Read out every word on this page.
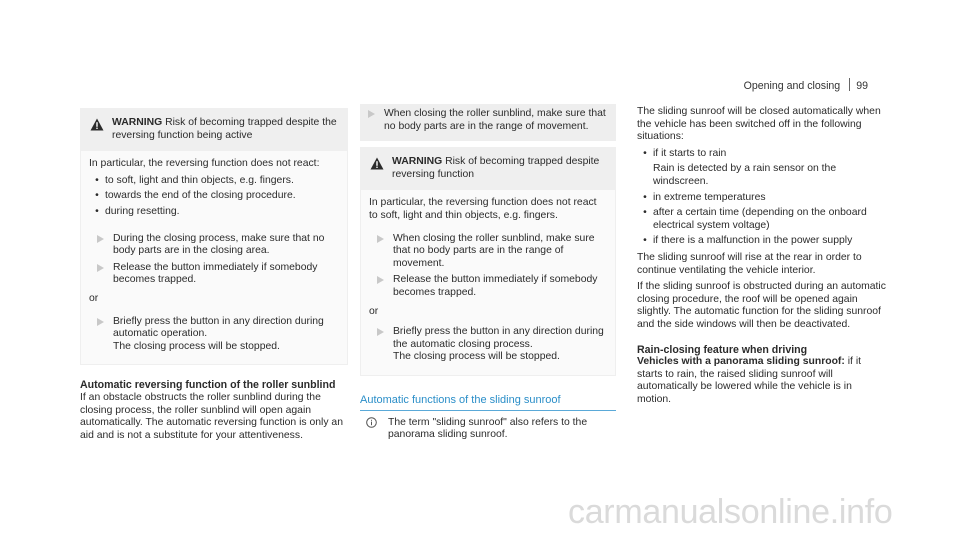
Opening and closing 99
WARNING Risk of becoming trapped despite the reversing function being active

In particular, the reversing function does not react:

•
to soft, light and thin objects, e.g. fingers.
•
towards the end of the closing procedure.
•
during resetting.
During the closing process, make sure that no body parts are in the closing area.
Release the button immediately if somebody becomes trapped.

or

Briefly press the button in any direction during automatic operation.
The closing process will be stopped.
Automatic reversing function of the roller sunblind

If an obstacle obstructs the roller sunblind during the closing process, the roller sunblind will open again automatically. The automatic reversing function is only an aid and is not a substitute for your attentiveness.

When closing the roller sunblind, make sure that no body parts are in the range of movement.
WARNING Risk of becoming trapped despite reversing function

In particular, the reversing function does not react to soft, light and thin objects, e.g. fingers.

When closing the roller sunblind, make sure that no body parts are in the range of movement.
Release the button immediately if somebody becomes trapped.

or

Briefly press the button in any direction during the automatic closing process.
The closing process will be stopped.
Automatic functions of the sliding sunroof
The term "sliding sunroof" also refers to the panorama sliding sunroof.

The sliding sunroof will be closed automatically when the vehicle has been switched off in the following situations:

•
if it starts to rain

Rain is detected by a rain sensor on the windscreen.

•
in extreme temperatures
•
after a certain time (depending on the onboard electrical system voltage)
•
if there is a malfunction in the power supply

The sliding sunroof will rise at the rear in order to continue ventilating the vehicle interior.

If the sliding sunroof is obstructed during an automatic closing procedure, the roof will be opened again slightly. The automatic function for the sliding sunroof and the side windows will then be deactivated.

Rain-closing feature when driving

Vehicles with a panorama sliding sunroof: if it starts to rain, the raised sliding sunroof will automatically be lowered while the vehicle is in motion.

carmanualsonline.info
